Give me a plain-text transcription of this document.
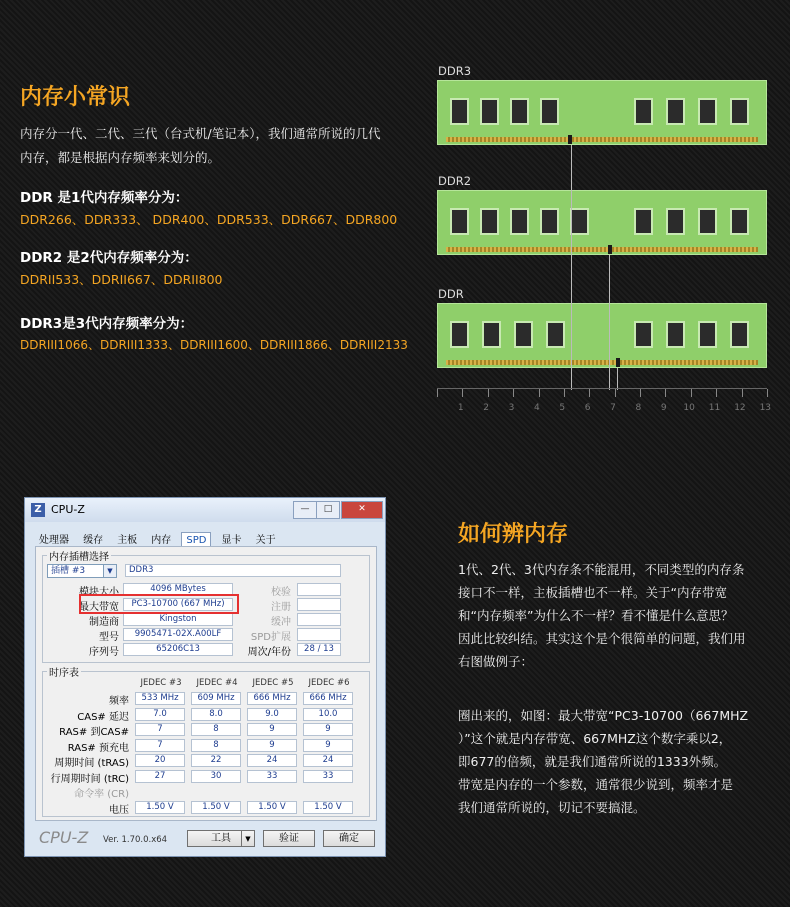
内存小常识
内存分一代、二代、三代（台式机/笔记本），我们通常所说的几代
内存，都是根据内存频率来划分的。
DDR 是1代内存频率分为：
DDR266、DDR333、 DDR400、DDR533、DDR667、DDR800
DDR2 是2代内存频率分为：
DDRII533、DDRII667、DDRII800
DDR3是3代内存频率分为：
DDRIII1066、DDRIII1333、DDRIII1600、DDRIII1866、DDRIII2133
DDR3
DDR2
DDR
1	2	3	4	5	6	7	8	9	10 11 12 13
Z CPU-Z	—	□	✕
处理器 缓存 主板 内存 SPD 显卡 关于
内存插槽选择
插槽 #3	▼	DDR3
模块大小	4096 MBytes	校验
最大带宽	PC3-10700 (667 MHz)	注册
制造商	Kingston	缓冲
型号	9905471-02X.A00LF	SPD扩展
序列号	65206C13	周次/年份	28 / 13
时序表
JEDEC #3	JEDEC #4	JEDEC #5	JEDEC #6
频率	533 MHz	609 MHz	666 MHz	666 MHz
CAS# 延迟	7.0	8.0	9.0	10.0
RAS# 到CAS#	7	8	9	9
RAS# 预充电	7	8	9	9
周期时间 (tRAS)	20	22	24	24
行周期时间 (tRC)	27	30	33	33
命令率 (CR)
电压	1.50 V	1.50 V	1.50 V	1.50 V
CPU-Z Ver. 1.70.0.x64	工具	▼	验证	确定
如何辨内存
1代、2代、3代内存条不能混用，不同类型的内存条
接口不一样，主板插槽也不一样。关于“内存带宽
和“内存频率”为什么不一样？看不懂是什么意思？
因此比较纠结。其实这个是个很简单的问题，我们用
右图做例子：
圈出来的，如图：最大带宽“PC3-10700（667MHZ
）”这个就是内存带宽、667MHZ这个数字乘以2，
即677的倍频，就是我们通常所说的1333外频。
带宽是内存的一个参数，通常很少说到，频率才是
我们通常所说的，切记不要搞混。
